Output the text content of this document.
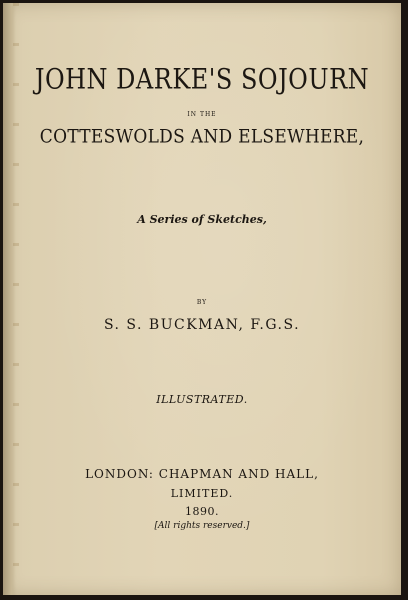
JOHN DARKE'S SOJOURN
IN THE
COTTESWOLDS AND ELSEWHERE,
A Series of Sketches,
BY
S. S. BUCKMAN, F.G.S.
ILLUSTRATED.
LONDON: CHAPMAN AND HALL,
LIMITED.
1890.
[All rights reserved.]
